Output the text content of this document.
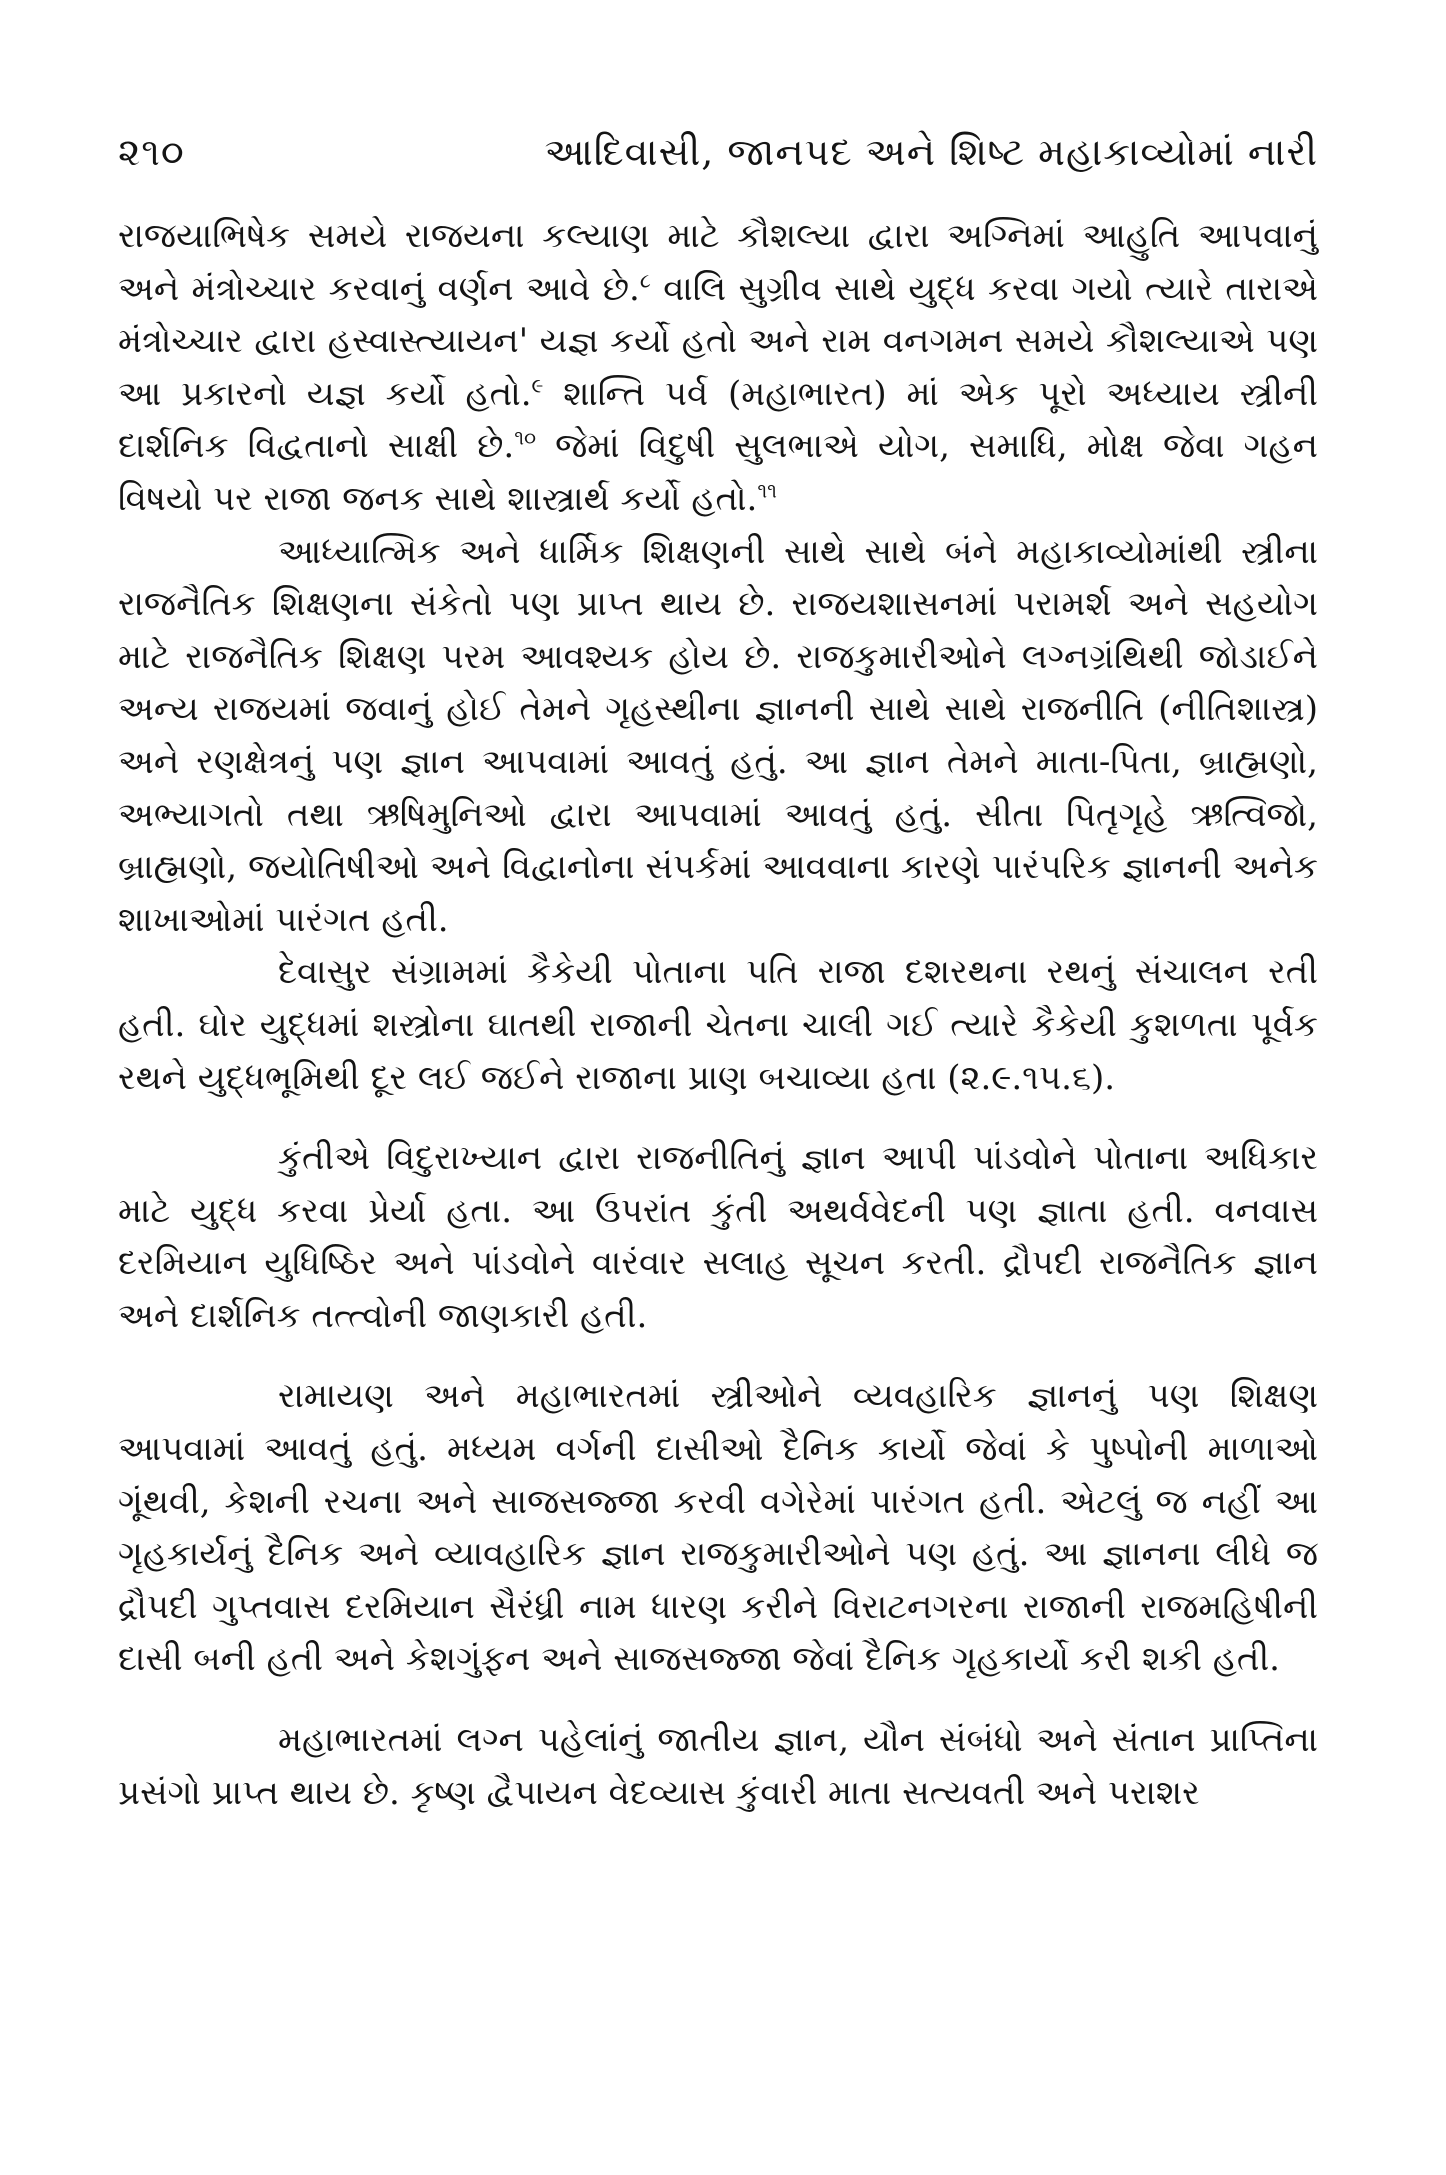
૨૧૦	આદિવાસી, જાનપદ અને શિષ્ટ મહાકાવ્યોમાં નારી

રાજયાભિષેક સમયે રાજયના કલ્યાણ માટે કૌશલ્યા દ્વારા અગ્નિમાં આહુતિ આપવાનું અને મંત્રોચ્ચાર કરવાનું વર્ણન આવે છે.$^૮$ વાલિ સુગ્રીવ સાથે યુદ્ધ કરવા ગયો ત્યારે તારાએ મંત્રોચ્ચાર દ્વારા હસ્વાસ્ત્યાયન' યજ્ઞ કર્યો હતો અને રામ વનગમન સમયે કૌશલ્યાએ પણ આ પ્રકારનો યજ્ઞ કર્યો હતો.$^૯$ શાન્તિ પર્વ (મહાભારત) માં એક પૂરો અધ્યાય સ્ત્રીની દાર્શનિક વિદ્વતાનો સાક્ષી છે.$^{૧૦}$ જેમાં વિદુષી સુલભાએ યોગ, સમાધિ, મોક્ષ જેવા ગહન વિષયો પર રાજા જનક સાથે શાસ્ત્રાર્થ કર્યો હતો.$^{૧૧}$

આધ્યાત્મિક અને ધાર્મિક શિક્ષણની સાથે સાથે બંને મહાકાવ્યોમાંથી સ્ત્રીના રાજનૈતિક શિક્ષણના સંકેતો પણ પ્રાપ્ત થાય છે. રાજયશાસનમાં પરામર્શ અને સહયોગ માટે રાજનૈતિક શિક્ષણ પરમ આવશ્યક હોય છે. રાજકુમારીઓને લગ્નગ્રંથિથી જોડાઈને અન્ય રાજયમાં જવાનું હોઈ તેમને ગૃહસ્થીના જ્ઞાનની સાથે સાથે રાજનીતિ (નીતિશાસ્ત્ર) અને રણક્ષેત્રનું પણ જ્ઞાન આપવામાં આવતું હતું. આ જ્ઞાન તેમને માતા-પિતા, બ્રાહ્મણો, અભ્યાગતો તથા ઋષિમુનિઓ દ્વારા આપવામાં આવતું હતું. સીતા પિતૃગૃહે ઋત્વિજો, બ્રાહ્મણો, જયોતિષીઓ અને વિદ્વાનોના સંપર્કમાં આવવાના કારણે પારંપરિક જ્ઞાનની અનેક શાખાઓમાં પારંગત હતી.

દેવાસુર સંગ્રામમાં કૈકેયી પોતાના પતિ રાજા દશરથના રથનું સંચાલન રતી હતી. ઘોર યુદ્ધમાં શસ્ત્રોના ઘાતથી રાજાની ચેતના ચાલી ગઈ ત્યારે કૈકેયી કુશળતા પૂર્વક રથને યુદ્ધભૂમિથી દૂર લઈ જઈને રાજાના પ્રાણ બચાવ્યા હતા (૨.૯.૧૫.૬).

કુંતીએ વિદુરાખ્યાન દ્વારા રાજનીતિનું જ્ઞાન આપી પાંડવોને પોતાના અધિકાર માટે યુદ્ધ કરવા પ્રેર્યા હતા. આ ઉપરાંત કુંતી અથર્વવેદની પણ જ્ઞાતા હતી. વનવાસ દરમિયાન યુધિષ્ઠિર અને પાંડવોને વારંવાર સલાહ સૂચન કરતી. દ્રૌપદી રાજનૈતિક જ્ઞાન અને દાર્શનિક તત્ત્વોની જાણકારી હતી.

રામાયણ અને મહાભારતમાં સ્ત્રીઓને વ્યવહારિક જ્ઞાનનું પણ શિક્ષણ આપવામાં આવતું હતું. મધ્યમ વર્ગની દાસીઓ દૈનિક કાર્યો જેવાં કે પુષ્પોની માળાઓ ગૂંથવી, કેશની રચના અને સાજસજ્જા કરવી વગેરેમાં પારંગત હતી. એટલું જ નહીં આ ગૃહકાર્યનું દૈનિક અને વ્યાવહારિક જ્ઞાન રાજકુમારીઓને પણ હતું. આ જ્ઞાનના લીધે જ દ્રૌપદી ગુપ્તવાસ દરમિયાન સૈરંધ્રી નામ ધારણ કરીને વિરાટનગરના રાજાની રાજમહિષીની દાસી બની હતી અને કેશગુંફન અને સાજસજ્જા જેવાં દૈનિક ગૃહકાર્યો કરી શકી હતી.

મહાભારતમાં લગ્ન પહેલાંનું જાતીય જ્ઞાન, યૌન સંબંધો અને સંતાન પ્રાપ્તિના પ્રસંગો પ્રાપ્ત થાય છે. કૃષ્ણ દ્વૈપાયન વેદવ્યાસ કુંવારી માતા સત્યવતી અને પરાશર
